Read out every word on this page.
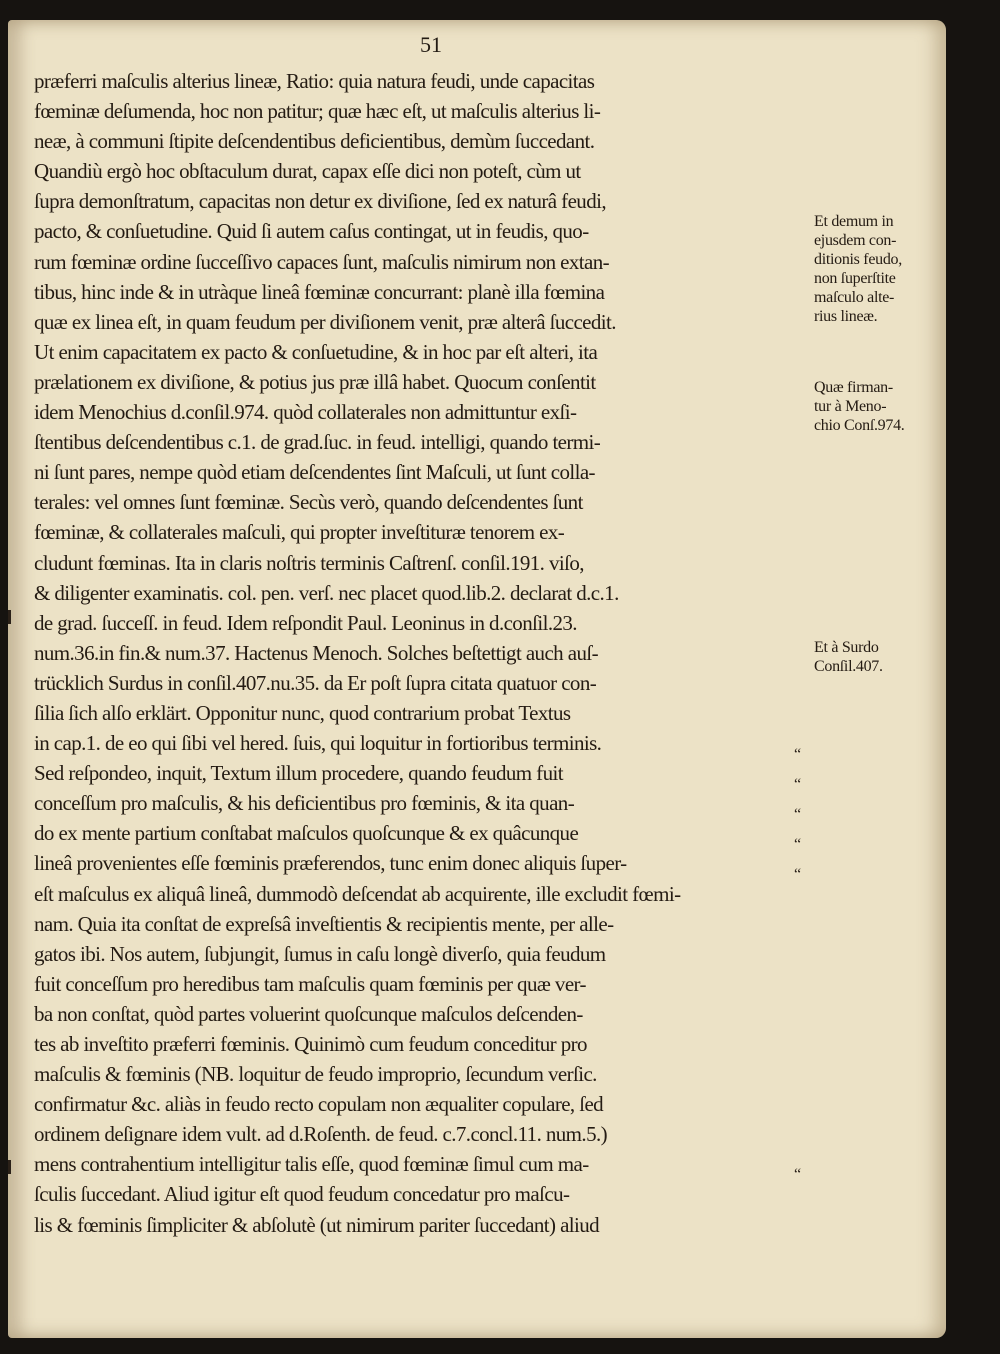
51
præferri maſculis alterius lineæ, Ratio: quia natura feudi, unde capacitas
fœminæ deſumenda, hoc non patitur; quæ hæc eſt, ut maſculis alterius li-
neæ, à communi ſtipite deſcendentibus deficientibus, demùm ſuccedant.
Quandiù ergò hoc obſtaculum durat, capax eſſe dici non poteſt, cùm ut
ſupra demonſtratum, capacitas non detur ex diviſione, ſed ex naturâ feudi,
pacto, & conſuetudine. Quid ſi autem caſus contingat, ut in feudis, quo-
rum fœminæ ordine ſucceſſivo capaces ſunt, maſculis nimirum non extan-
tibus, hinc inde & in utràque lineâ fœminæ concurrant: planè illa fœmina
quæ ex linea eſt, in quam feudum per diviſionem venit, præ alterâ ſuccedit.
Ut enim capacitatem ex pacto & conſuetudine, & in hoc par eſt alteri, ita
prælationem ex diviſione, & potius jus præ illâ habet. Quocum conſentit
idem Menochius d.conſil.974. quòd collaterales non admittuntur exſi-
ſtentibus deſcendentibus c.1. de grad.ſuc. in feud. intelligi, quando termi-
ni ſunt pares, nempe quòd etiam deſcendentes ſint Maſculi, ut ſunt colla-
terales: vel omnes ſunt fœminæ. Secùs verò, quando deſcendentes ſunt
fœminæ, & collaterales maſculi, qui propter inveſtituræ tenorem ex-
cludunt fœminas. Ita in claris noſtris terminis Caſtrenſ. conſil.191. viſo,
& diligenter examinatis. col. pen. verſ. nec placet quod.lib.2. declarat d.c.1.
de grad. ſucceſſ. in feud. Idem reſpondit Paul. Leoninus in d.conſil.23.
num.36.in fin.& num.37. Hactenus Menoch. Solches beſtettigt auch auſ-
trücklich Surdus in conſil.407.nu.35. da Er poſt ſupra citata quatuor con-
ſilia ſich alſo erklärt. Opponitur nunc, quod contrarium probat Textus
in cap.1. de eo qui ſibi vel hered. ſuis, qui loquitur in fortioribus terminis.
Sed reſpondeo, inquit, Textum illum procedere, quando feudum fuit
conceſſum pro maſculis, & his deficientibus pro fœminis, & ita quan-
do ex mente partium conſtabat maſculos quoſcunque & ex quâcunque
lineâ provenientes eſſe fœminis præferendos, tunc enim donec aliquis ſuper-
eſt maſculus ex aliquâ lineâ, dummodò deſcendat ab acquirente, ille excludit fœmi-
nam. Quia ita conſtat de expreſsâ inveſtientis & recipientis mente, per alle-
gatos ibi. Nos autem, ſubjungit, ſumus in caſu longè diverſo, quia feudum
fuit conceſſum pro heredibus tam maſculis quam fœminis per quæ ver-
ba non conſtat, quòd partes voluerint quoſcunque maſculos deſcenden-
tes ab inveſtito præferri fœminis. Quinimò cum feudum conceditur pro
maſculis & fœminis (NB. loquitur de feudo improprio, ſecundum verſic.
confirmatur &c. aliàs in feudo recto copulam non æqualiter copulare, ſed
ordinem deſignare idem vult. ad d.Roſenth. de feud. c.7.concl.11. num.5.)
mens contrahentium intelligitur talis eſſe, quod fœminæ ſimul cum ma-
ſculis ſuccedant. Aliud igitur eſt quod feudum concedatur pro maſcu-
lis & fœminis ſimpliciter & abſolutè (ut nimirum pariter ſuccedant) aliud
Et demum in
ejusdem con-
ditionis feudo,
non ſuperſtite
maſculo alte-
rius lineæ.
Quæ firman-
tur à Meno-
chio Conſ.974.
Et à Surdo
Conſil.407.
“
“
“
“
“
“
